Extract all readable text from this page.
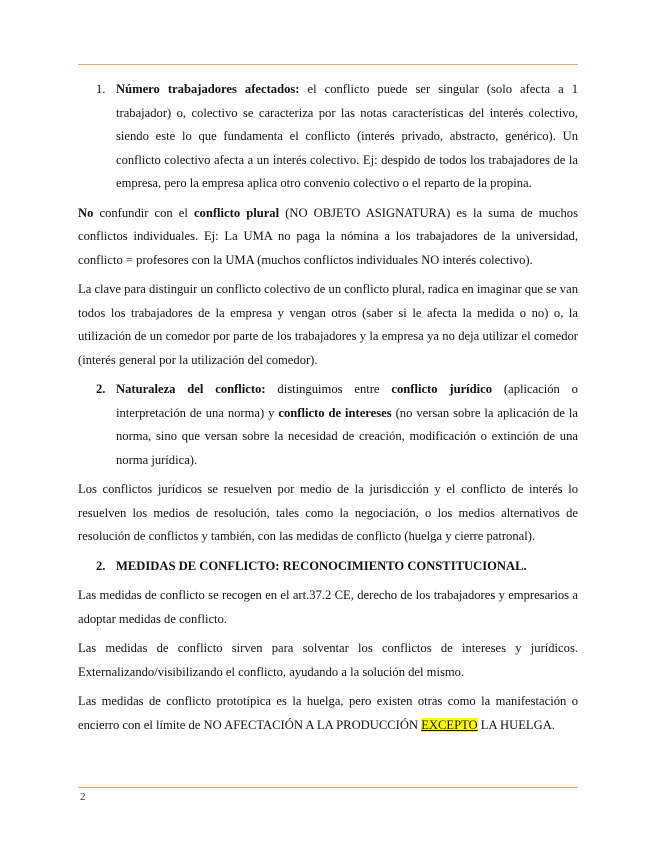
1. Número trabajadores afectados: el conflicto puede ser singular (solo afecta a 1 trabajador) o, colectivo se caracteriza por las notas características del interés colectivo, siendo este lo que fundamenta el conflicto (interés privado, abstracto, genérico). Un conflicto colectivo afecta a un interés colectivo. Ej: despido de todos los trabajadores de la empresa, pero la empresa aplica otro convenio colectivo o el reparto de la propina.

No confundir con el conflicto plural (NO OBJETO ASIGNATURA) es la suma de muchos conflictos individuales. Ej: La UMA no paga la nómina a los trabajadores de la universidad, conflicto = profesores con la UMA (muchos conflictos individuales NO interés colectivo).

La clave para distinguir un conflicto colectivo de un conflicto plural, radica en imaginar que se van todos los trabajadores de la empresa y vengan otros (saber si le afecta la medida o no) o, la utilización de un comedor por parte de los trabajadores y la empresa ya no deja utilizar el comedor (interés general por la utilización del comedor).

2. Naturaleza del conflicto: distinguimos entre conflicto jurídico (aplicación o interpretación de una norma) y conflicto de intereses (no versan sobre la aplicación de la norma, sino que versan sobre la necesidad de creación, modificación o extinción de una norma jurídica).

Los conflictos jurídicos se resuelven por medio de la jurisdicción y el conflicto de interés lo resuelven los medios de resolución, tales como la negociación, o los medios alternativos de resolución de conflictos y también, con las medidas de conflicto (huelga y cierre patronal).

2. MEDIDAS DE CONFLICTO: RECONOCIMIENTO CONSTITUCIONAL.

Las medidas de conflicto se recogen en el art.37.2 CE, derecho de los trabajadores y empresarios a adoptar medidas de conflicto.

Las medidas de conflicto sirven para solventar los conflictos de intereses y jurídicos. Externalizando/visibilizando el conflicto, ayudando a la solución del mismo.

Las medidas de conflicto prototípica es la huelga, pero existen otras como la manifestación o encierro con el límite de NO AFECTACIÓN A LA PRODUCCIÓN EXCEPTO LA HUELGA.

2
